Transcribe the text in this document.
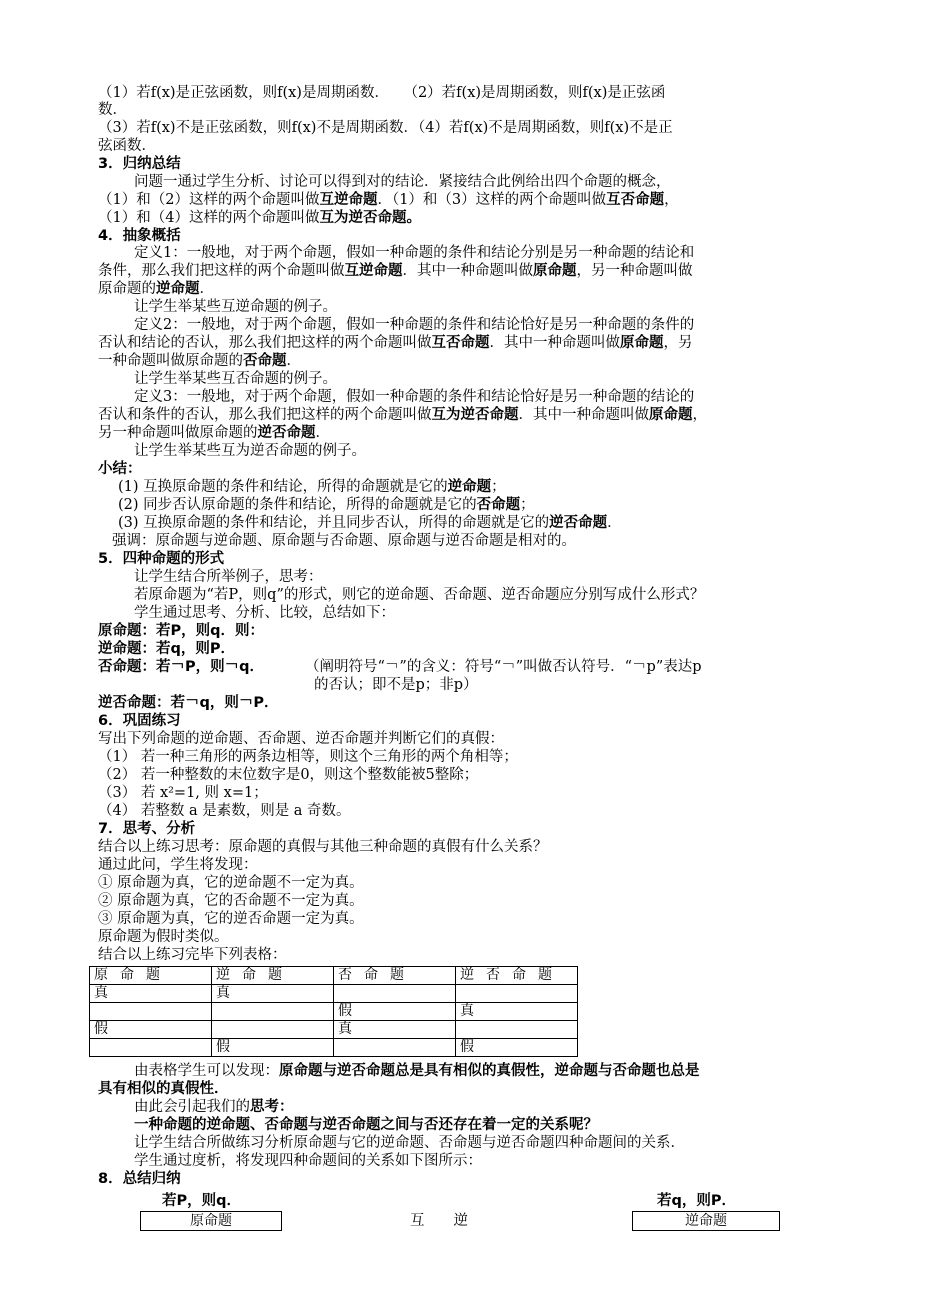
（1）若f(x)是正弦函数，则f(x)是周期函数．　　（2）若f(x)是周期函数，则f(x)是正弦函
数．
（3）若f(x)不是正弦函数，则f(x)不是周期函数．（4）若f(x)不是周期函数，则f(x)不是正
弦函数．
3．归纳总结
问题一通过学生分析、讨论可以得到对的结论．紧接结合此例给出四个命题的概念，
（1）和（2）这样的两个命题叫做互逆命题．（1）和（3）这样的两个命题叫做互否命题，
（1）和（4）这样的两个命题叫做互为逆否命题。
4．抽象概括
定义1：一般地，对于两个命题，假如一种命题的条件和结论分别是另一种命题的结论和
条件，那么我们把这样的两个命题叫做互逆命题．其中一种命题叫做原命题，另一种命题叫做
原命题的逆命题．
让学生举某些互逆命题的例子。
定义2：一般地，对于两个命题，假如一种命题的条件和结论恰好是另一种命题的条件的
否认和结论的否认，那么我们把这样的两个命题叫做互否命题．其中一种命题叫做原命题，另
一种命题叫做原命题的否命题．
让学生举某些互否命题的例子。
定义3：一般地，对于两个命题，假如一种命题的条件和结论恰好是另一种命题的结论的
否认和条件的否认，那么我们把这样的两个命题叫做互为逆否命题．其中一种命题叫做原命题，
另一种命题叫做原命题的逆否命题．
让学生举某些互为逆否命题的例子。
小结：
(1) 互换原命题的条件和结论，所得的命题就是它的逆命题；
(2) 同步否认原命题的条件和结论，所得的命题就是它的否命题；
(3) 互换原命题的条件和结论，并且同步否认，所得的命题就是它的逆否命题．
强调：原命题与逆命题、原命题与否命题、原命题与逆否命题是相对的。
5．四种命题的形式
让学生结合所举例子，思考：
若原命题为“若P，则q”的形式，则它的逆命题、否命题、逆否命题应分别写成什么形式？
学生通过思考、分析、比较，总结如下：
原命题：若P，则q．则：
逆命题：若q，则P．
否命题：若￢P，则￢q．	（阐明符号“￢”的含义：符号“￢”叫做否认符号．“￢p”表达p
的否认；即不是p；非p）
逆否命题：若￢q，则￢P．
6．巩固练习
写出下列命题的逆命题、否命题、逆否命题并判断它们的真假：
（1） 若一种三角形的两条边相等，则这个三角形的两个角相等；
（2） 若一种整数的末位数字是0，则这个整数能被5整除；
（3） 若 x²=1, 则 x=1；
（4） 若整数 a 是素数，则是 a 奇数。
7．思考、分析
结合以上练习思考：原命题的真假与其他三种命题的真假有什么关系？
通过此问，学生将发现：
① 原命题为真，它的逆命题不一定为真。
② 原命题为真，它的否命题不一定为真。
③ 原命题为真，它的逆否命题一定为真。
原命题为假时类似。
结合以上练习完毕下列表格：
原命题	逆命题	否命题	逆否命题
真	真		
		假	真
假		真	
	假		假
由表格学生可以发现：原命题与逆否命题总是具有相似的真假性，逆命题与否命题也总是
具有相似的真假性．
由此会引起我们的思考：
一种命题的逆命题、否命题与逆否命题之间与否还存在着一定的关系呢？
让学生结合所做练习分析原命题与它的逆命题、否命题与逆否命题四种命题间的关系．
学生通过度析，将发现四种命题间的关系如下图所示：
8．总结归纳
若P，则q．	若q，则P．
原命题	互　　逆	逆命题
